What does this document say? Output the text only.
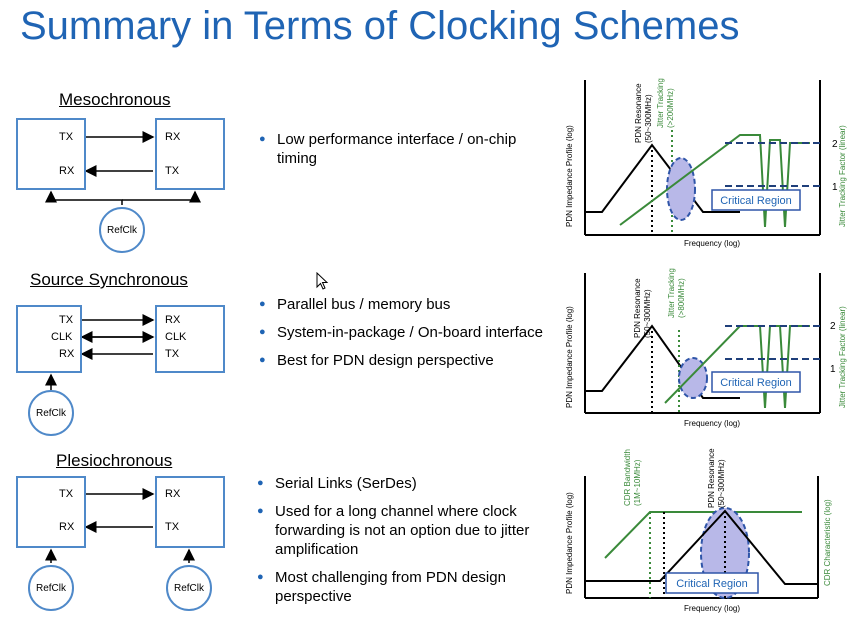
Summary in Terms of Clocking Schemes
Mesochronous
TX
RX
RX
TX
RefClk
● Low performance interface / on-chip timing
Source Synchronous
TX
CLK
RX
RX
CLK
TX
RefClk
● Parallel bus / memory bus
● System-in-package / On-board interface
● Best for PDN design perspective
Plesiochronous
TX
RX
RX
TX
RefClk	RefClk
● Serial Links (SerDes)
● Used for a long channel where clock forwarding is not an option due to jitter amplification
● Most challenging from PDN design perspective
Critical Region
2
1
Frequency (log)
PDN Impedance Profile (log)	Jitter Tracking Factor (linear)
PDN Resonance (50~300MHz) Jitter Tracking (>200MHz)
Critical Region
2
1
Frequency (log)
PDN Impedance Profile (log)	Jitter Tracking Factor (linear)
PDN Resonance (50~300MHz) Jitter Tracking (>800MHz)
Critical Region
Frequency (log)
PDN Impedance Profile (log)	CDR Characteristic (log)
CDR Bandwidth (1M~10MHz)	PDN Resonance (50~300MHz)
